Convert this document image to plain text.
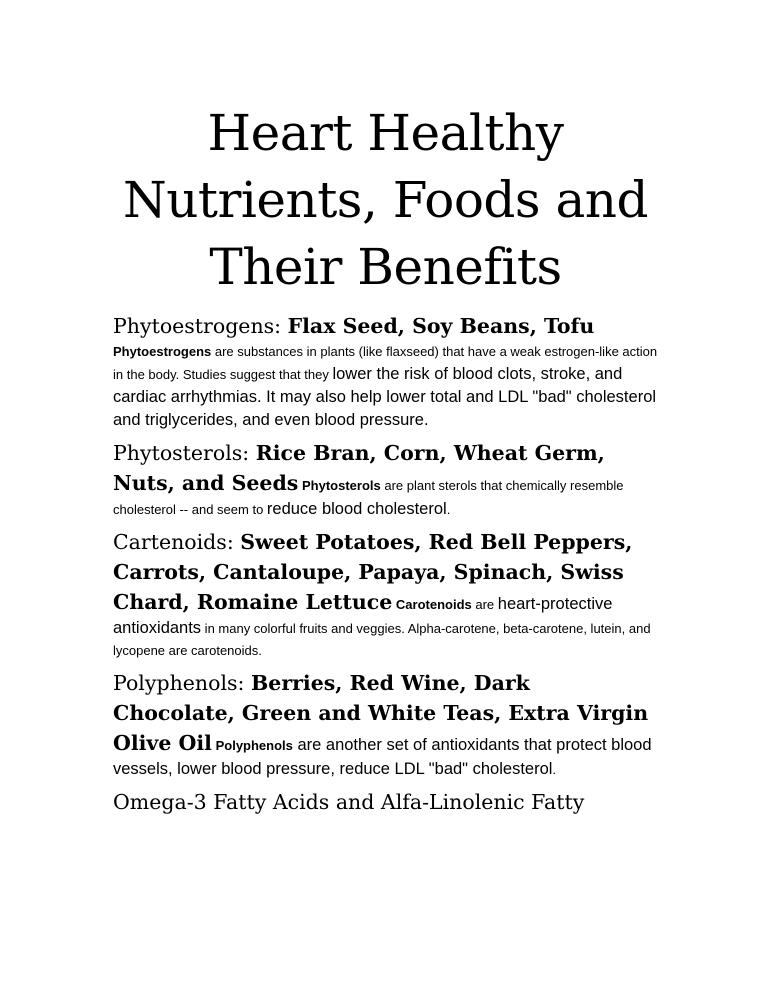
Heart Healthy
Nutrients, Foods and
Their Benefits

Phytoestrogens: Flax Seed, Soy Beans, Tofu
Phytoestrogens are substances in plants (like flaxseed) that have a weak estrogen-like action in the body. Studies suggest that they lower the risk of blood clots, stroke, and cardiac arrhythmias. It may also help lower total and LDL "bad" cholesterol and triglycerides, and even blood pressure.

Phytosterols: Rice Bran, Corn, Wheat Germ, Nuts, and Seeds Phytosterols are plant sterols that chemically resemble cholesterol -- and seem to reduce blood cholesterol.

Cartenoids: Sweet Potatoes, Red Bell Peppers, Carrots, Cantaloupe, Papaya, Spinach, Swiss Chard, Romaine Lettuce Carotenoids are heart-protective antioxidants in many colorful fruits and veggies. Alpha-carotene, beta-carotene, lutein, and lycopene are carotenoids.

Polyphenols: Berries, Red Wine, Dark Chocolate, Green and White Teas, Extra Virgin Olive Oil Polyphenols are another set of antioxidants that protect blood vessels, lower blood pressure, reduce LDL "bad" cholesterol.

Omega-3 Fatty Acids and Alfa-Linolenic Fatty
